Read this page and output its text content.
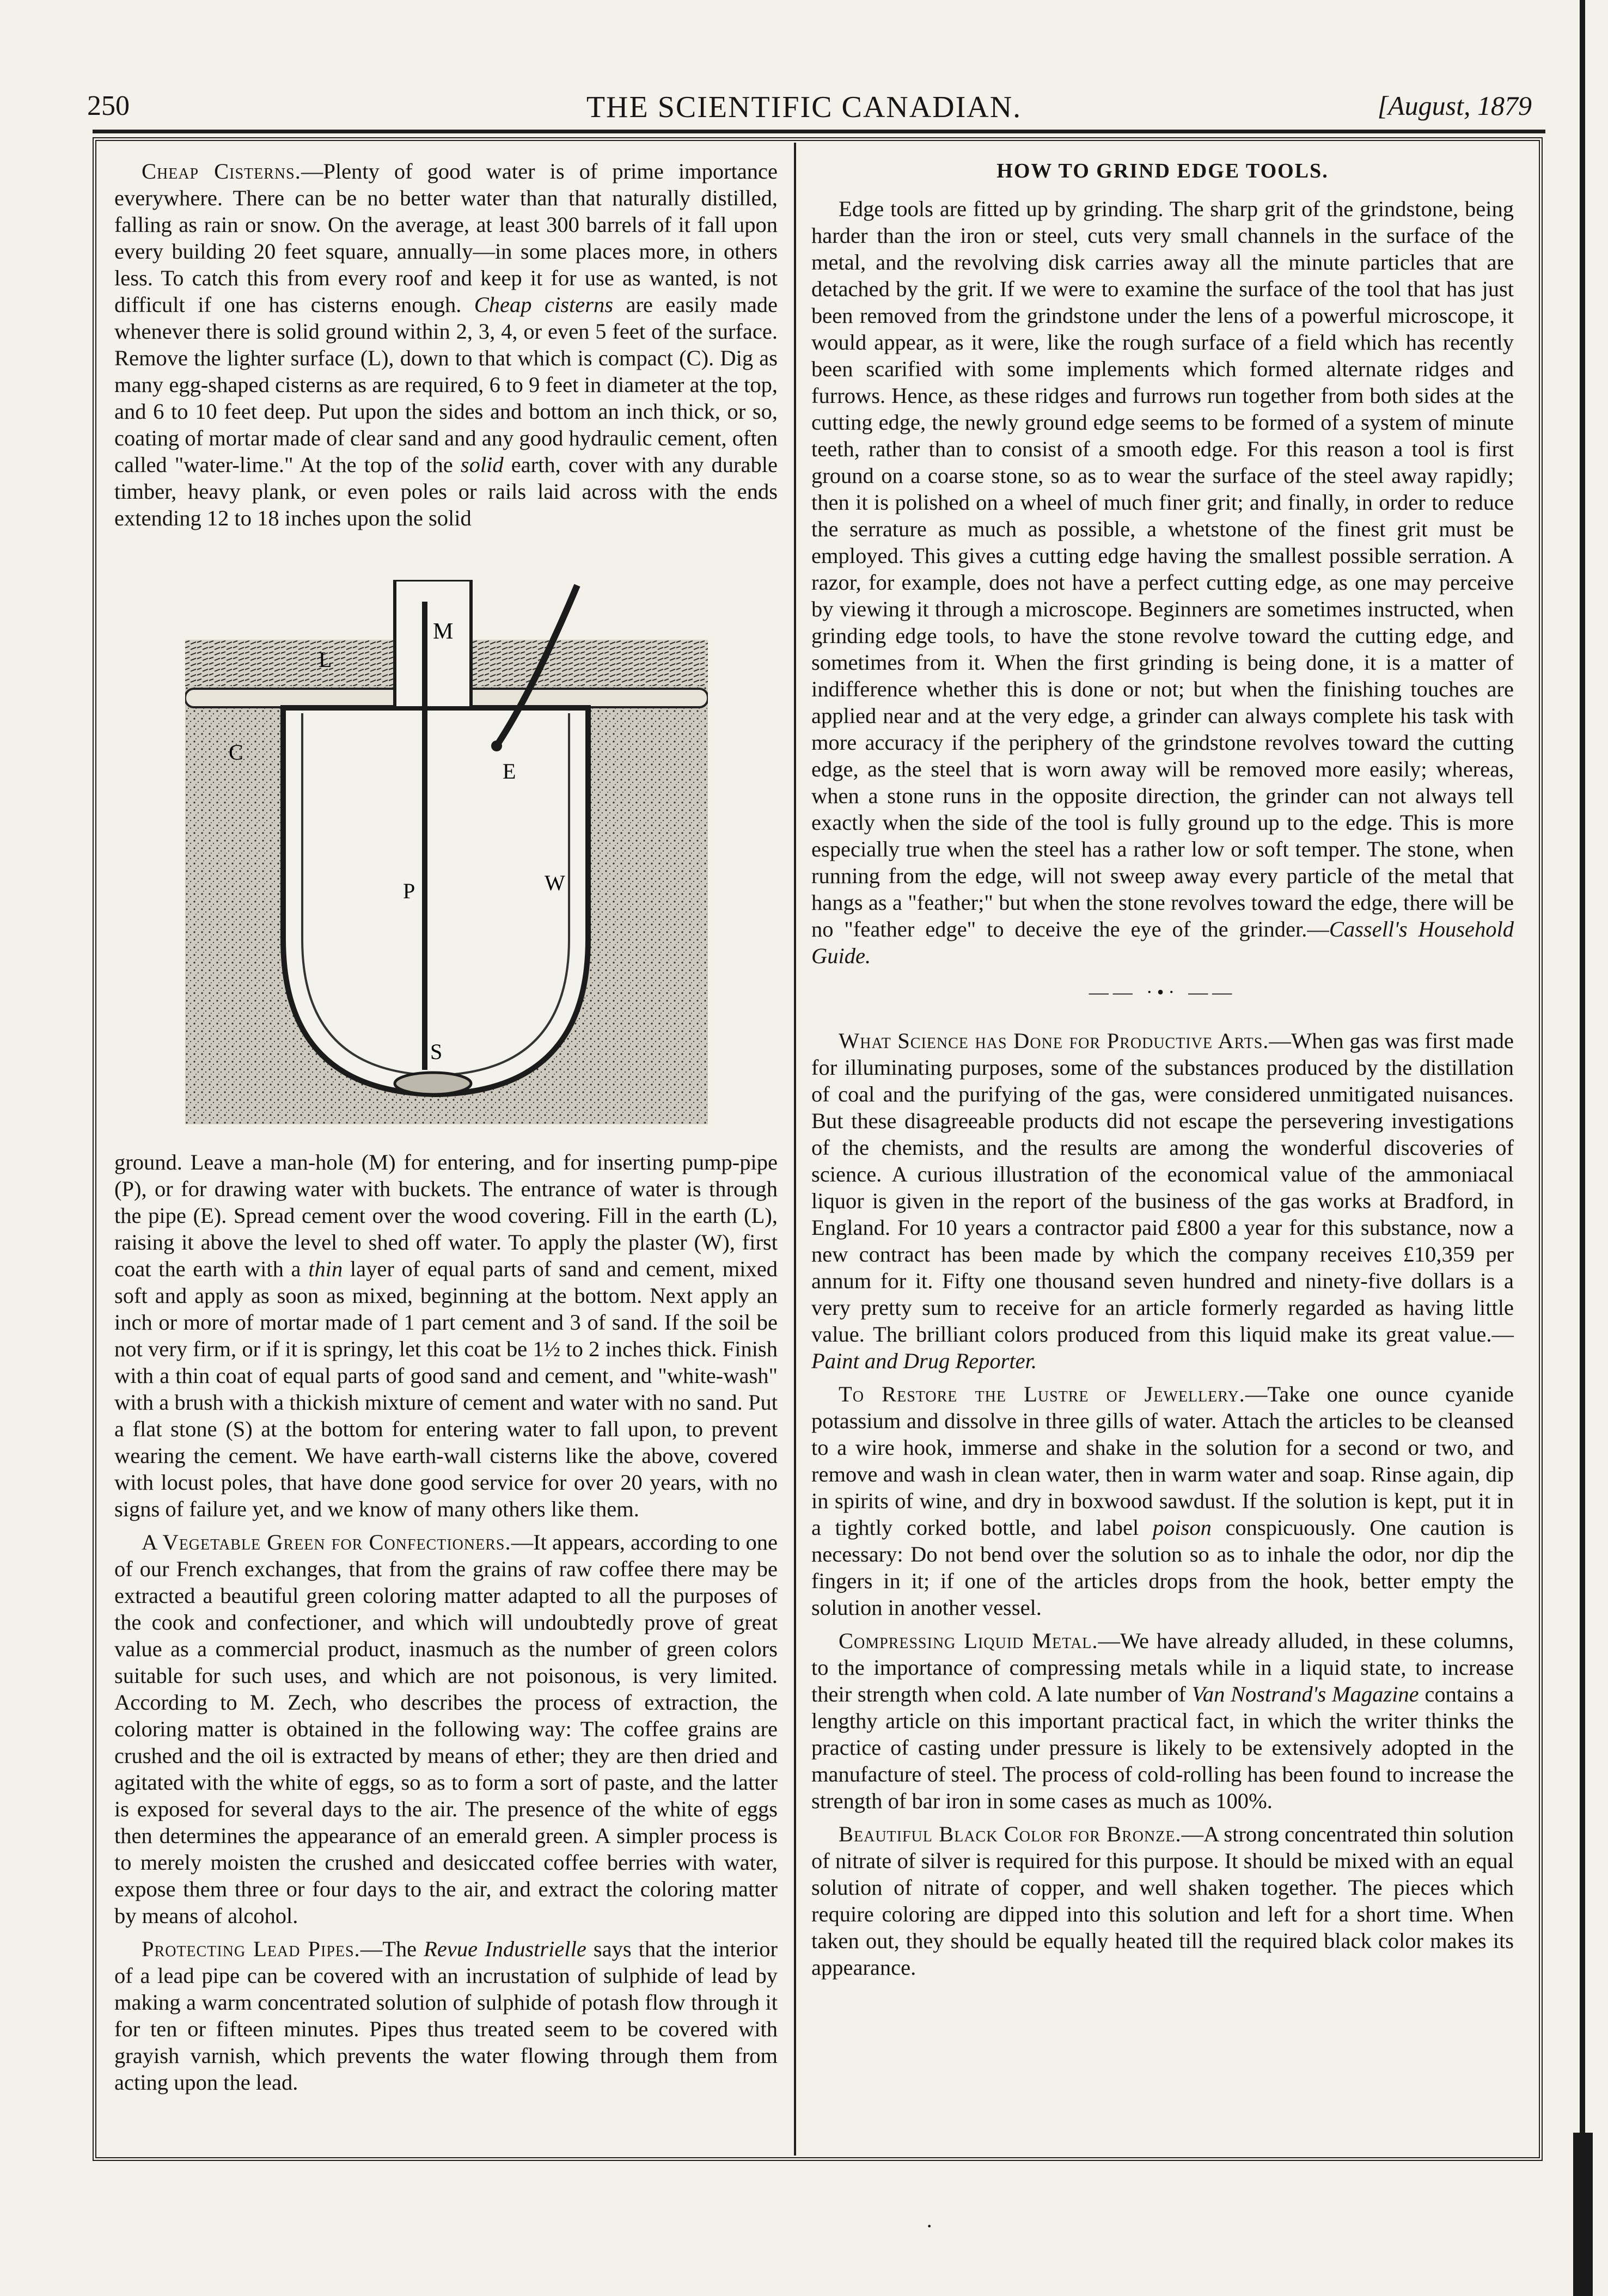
250	THE SCIENTIFIC CANADIAN.	[August, 1879
·

Cheap Cisterns.—Plenty of good water is of prime importance everywhere. There can be no better water than that naturally distilled, falling as rain or snow. On the average, at least 300 barrels of it fall upon every building 20 feet square, annually—in some places more, in others less. To catch this from every roof and keep it for use as wanted, is not difficult if one has cisterns enough. Cheap cisterns are easily made whenever there is solid ground within 2, 3, 4, or even 5 feet of the surface. Remove the lighter surface (L), down to that which is compact (C). Dig as many egg-shaped cisterns as are required, 6 to 9 feet in diameter at the top, and 6 to 10 feet deep. Put upon the sides and bottom an inch thick, or so, coating of mortar made of clear sand and any good hydraulic cement, often called "water-lime." At the top of the solid earth, cover with any durable timber, heavy plank, or even poles or rails laid across with the ends extending 12 to 18 inches upon the solid

M
L
C
E
P	W
S

ground. Leave a man-hole (M) for entering, and for inserting pump-pipe (P), or for drawing water with buckets. The entrance of water is through the pipe (E). Spread cement over the wood covering. Fill in the earth (L), raising it above the level to shed off water. To apply the plaster (W), first coat the earth with a thin layer of equal parts of sand and cement, mixed soft and apply as soon as mixed, beginning at the bottom. Next apply an inch or more of mortar made of 1 part cement and 3 of sand. If the soil be not very firm, or if it is springy, let this coat be 1½ to 2 inches thick. Finish with a thin coat of equal parts of good sand and cement, and "white-wash" with a brush with a thickish mixture of cement and water with no sand. Put a flat stone (S) at the bottom for entering water to fall upon, to prevent wearing the cement. We have earth-wall cisterns like the above, covered with locust poles, that have done good service for over 20 years, with no signs of failure yet, and we know of many others like them.

A Vegetable Green for Confectioners.—It appears, according to one of our French exchanges, that from the grains of raw coffee there may be extracted a beautiful green coloring matter adapted to all the purposes of the cook and confectioner, and which will undoubtedly prove of great value as a commercial product, inasmuch as the number of green colors suitable for such uses, and which are not poisonous, is very limited. According to M. Zech, who describes the process of extraction, the coloring matter is obtained in the following way: The coffee grains are crushed and the oil is extracted by means of ether; they are then dried and agitated with the white of eggs, so as to form a sort of paste, and the latter is exposed for several days to the air. The presence of the white of eggs then determines the appearance of an emerald green. A simpler process is to merely moisten the crushed and desiccated coffee berries with water, expose them three or four days to the air, and extract the coloring matter by means of alcohol.

Protecting Lead Pipes.—The Revue Industrielle says that the interior of a lead pipe can be covered with an incrustation of sulphide of lead by making a warm concentrated solution of sulphide of potash flow through it for ten or fifteen minutes. Pipes thus treated seem to be covered with grayish varnish, which prevents the water flowing through them from acting upon the lead.

HOW TO GRIND EDGE TOOLS.

Edge tools are fitted up by grinding. The sharp grit of the grindstone, being harder than the iron or steel, cuts very small channels in the surface of the metal, and the revolving disk carries away all the minute particles that are detached by the grit. If we were to examine the surface of the tool that has just been removed from the grindstone under the lens of a powerful microscope, it would appear, as it were, like the rough surface of a field which has recently been scarified with some implements which formed alternate ridges and furrows. Hence, as these ridges and furrows run together from both sides at the cutting edge, the newly ground edge seems to be formed of a system of minute teeth, rather than to consist of a smooth edge. For this reason a tool is first ground on a coarse stone, so as to wear the surface of the steel away rapidly; then it is polished on a wheel of much finer grit; and finally, in order to reduce the serrature as much as possible, a whetstone of the finest grit must be employed. This gives a cutting edge having the smallest possible serration. A razor, for example, does not have a perfect cutting edge, as one may perceive by viewing it through a microscope. Beginners are sometimes instructed, when grinding edge tools, to have the stone revolve toward the cutting edge, and sometimes from it. When the first grinding is being done, it is a matter of indifference whether this is done or not; but when the finishing touches are applied near and at the very edge, a grinder can always complete his task with more accuracy if the periphery of the grindstone revolves toward the cutting edge, as the steel that is worn away will be removed more easily; whereas, when a stone runs in the opposite direction, the grinder can not always tell exactly when the side of the tool is fully ground up to the edge. This is more especially true when the steel has a rather low or soft temper. The stone, when running from the edge, will not sweep away every particle of the metal that hangs as a "feather;" but when the stone revolves toward the edge, there will be no "feather edge" to deceive the eye of the grinder.—Cassell's Household Guide.

—— ·•· ——

What Science has Done for Productive Arts.—When gas was first made for illuminating purposes, some of the substances produced by the distillation of coal and the purifying of the gas, were considered unmitigated nuisances. But these disagreeable products did not escape the persevering investigations of the chemists, and the results are among the wonderful discoveries of science. A curious illustration of the economical value of the ammoniacal liquor is given in the report of the business of the gas works at Bradford, in England. For 10 years a contractor paid £800 a year for this substance, now a new contract has been made by which the company receives £10,359 per annum for it. Fifty one thousand seven hundred and ninety-five dollars is a very pretty sum to receive for an article formerly regarded as having little value. The brilliant colors produced from this liquid make its great value.—Paint and Drug Reporter.

To Restore the Lustre of Jewellery.—Take one ounce cyanide potassium and dissolve in three gills of water. Attach the articles to be cleansed to a wire hook, immerse and shake in the solution for a second or two, and remove and wash in clean water, then in warm water and soap. Rinse again, dip in spirits of wine, and dry in boxwood sawdust. If the solution is kept, put it in a tightly corked bottle, and label poison conspicuously. One caution is necessary: Do not bend over the solution so as to inhale the odor, nor dip the fingers in it; if one of the articles drops from the hook, better empty the solution in another vessel.

Compressing Liquid Metal.—We have already alluded, in these columns, to the importance of compressing metals while in a liquid state, to increase their strength when cold. A late number of Van Nostrand's Magazine contains a lengthy article on this important practical fact, in which the writer thinks the practice of casting under pressure is likely to be extensively adopted in the manufacture of steel. The process of cold-rolling has been found to increase the strength of bar iron in some cases as much as 100%.

Beautiful Black Color for Bronze.—A strong concentrated thin solution of nitrate of silver is required for this purpose. It should be mixed with an equal solution of nitrate of copper, and well shaken together. The pieces which require coloring are dipped into this solution and left for a short time. When taken out, they should be equally heated till the required black color makes its appearance.
